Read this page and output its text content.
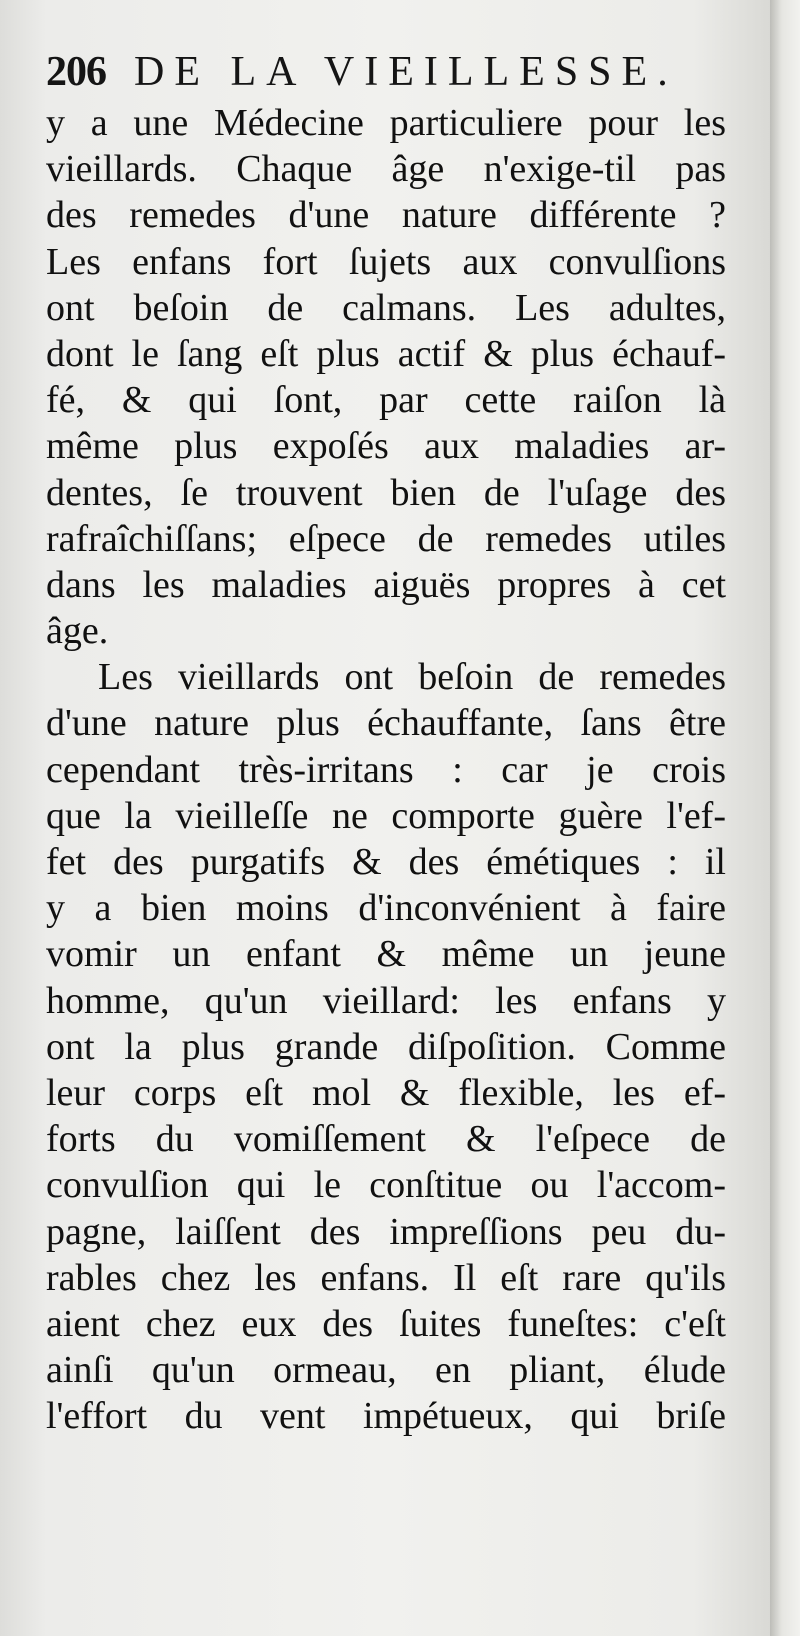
206 DE LA VIEILLESSE.
y a une Médecine particuliere pour les
vieillards. Chaque âge n'exige-til pas
des remedes d'une nature différente ?
Les enfans fort ſujets aux convulſions
ont beſoin de calmans. Les adultes,
dont le ſang eſt plus actif & plus échauf-
fé, & qui ſont, par cette raiſon là
même plus expoſés aux maladies ar-
dentes, ſe trouvent bien de l'uſage des
rafraîchiſſans; eſpece de remedes utiles
dans les maladies aiguës propres à cet
âge.
Les vieillards ont beſoin de remedes
d'une nature plus échauffante, ſans être
cependant très-irritans : car je crois
que la vieilleſſe ne comporte guère l'ef-
fet des purgatifs & des émétiques : il
y a bien moins d'inconvénient à faire
vomir un enfant & même un jeune
homme, qu'un vieillard: les enfans y
ont la plus grande diſpoſition. Comme
leur corps eſt mol & flexible, les ef-
forts du vomiſſement & l'eſpece de
convulſion qui le conſtitue ou l'accom-
pagne, laiſſent des impreſſions peu du-
rables chez les enfans. Il eſt rare qu'ils
aient chez eux des ſuites funeſtes: c'eſt
ainſi qu'un ormeau, en pliant, élude
l'effort du vent impétueux, qui briſe
